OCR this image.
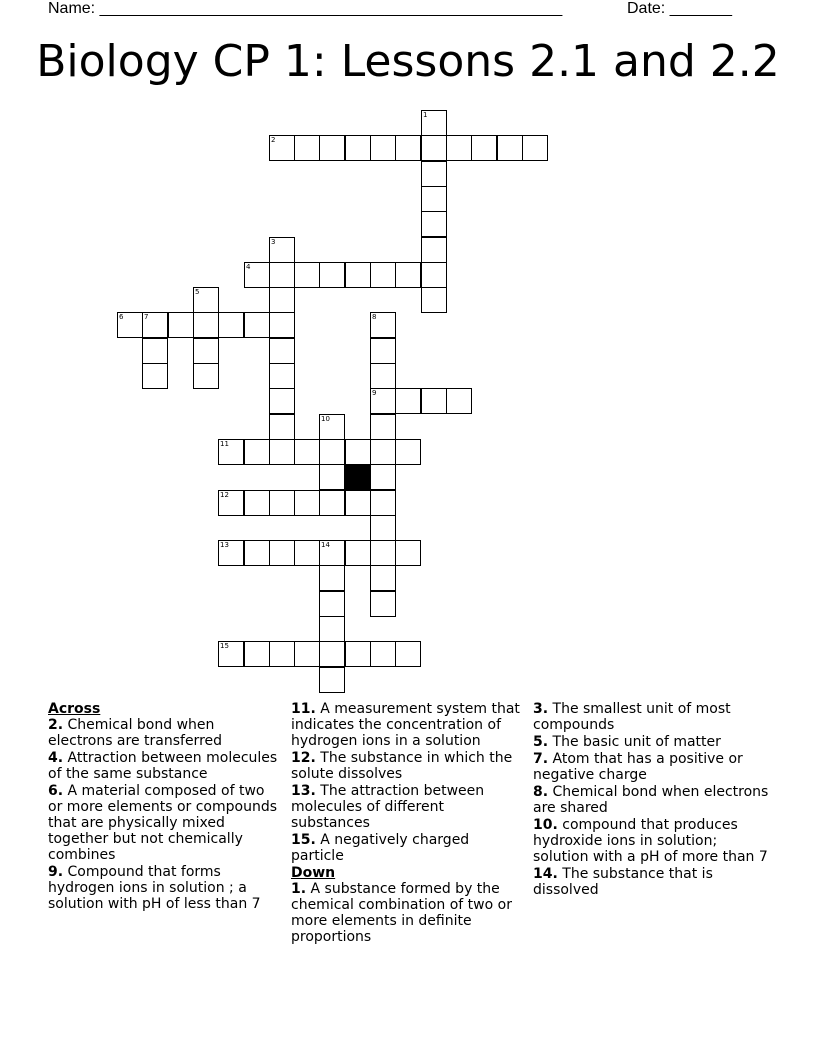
Name: ____________________________________________________	Date: _______
Biology CP 1: Lessons 2.1 and 2.2
1
2
3
4
5
6	7	8
9
10
11
12
13	14
15
Across
2. Chemical bond when electrons are transferred
4. Attraction between molecules of the same substance
6. A material composed of two or more elements or compounds that are physically mixed together but not chemically combines
9. Compound that forms hydrogen ions in solution ; a solution with pH of less than 7
11. A measurement system that indicates the concentration of hydrogen ions in a solution
12. The substance in which the solute dissolves
13. The attraction between molecules of different substances
15. A negatively charged particle
Down
1. A substance formed by the chemical combination of two or more elements in definite proportions
3. The smallest unit of most compounds
5. The basic unit of matter
7. Atom that has a positive or negative charge
8. Chemical bond when electrons are shared
10. compound that produces hydroxide ions in solution; solution with a pH of more than 7
14. The substance that is dissolved
